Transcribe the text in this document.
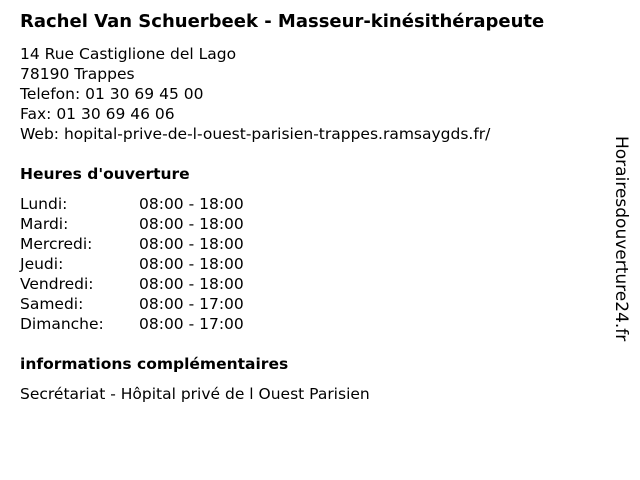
Rachel Van Schuerbeek - Masseur-kinésithérapeute
14 Rue Castiglione del Lago
78190 Trappes
Telefon: 01 30 69 45 00
Fax: 01 30 69 46 06
Web: hopital-prive-de-l-ouest-parisien-trappes.ramsaygds.fr/
Heures d'ouverture
Lundi:	08:00 - 18:00
Mardi:	08:00 - 18:00
Mercredi:	08:00 - 18:00
Jeudi:	08:00 - 18:00
Vendredi:	08:00 - 18:00
Samedi:	08:00 - 17:00
Dimanche: 08:00 - 17:00
informations complémentaires
Secrétariat - Hôpital privé de l Ouest Parisien
Horairesdouverture24.fr
